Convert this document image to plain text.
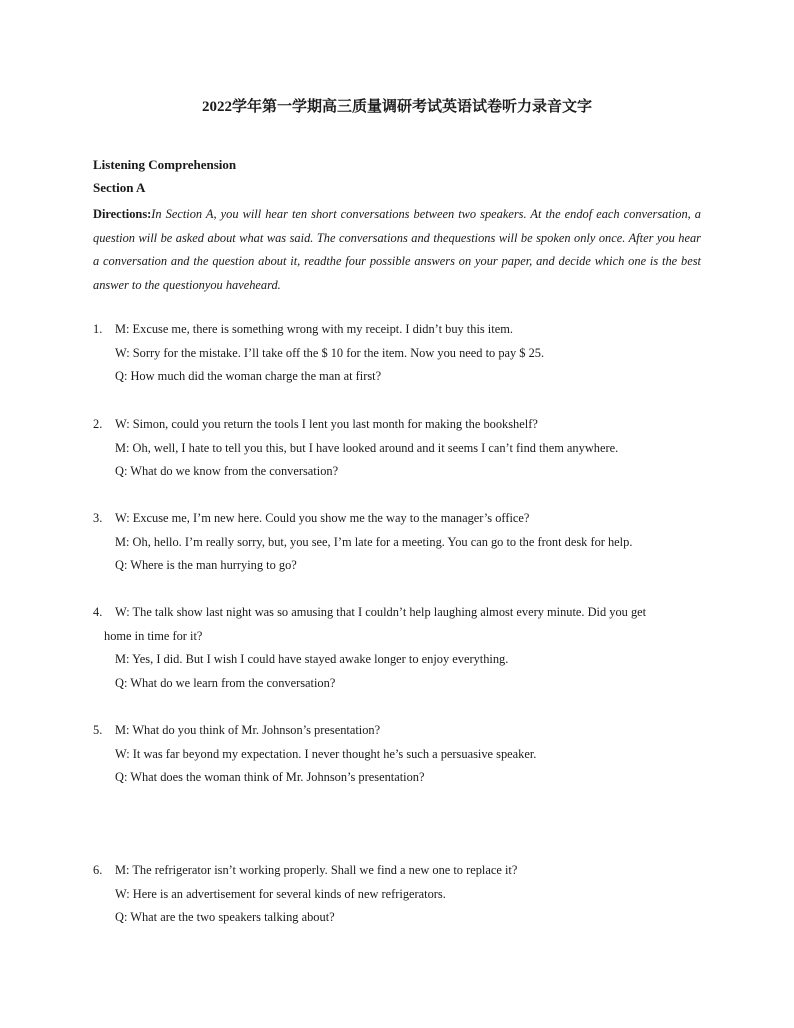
2022学年第一学期高三质量调研考试英语试卷听力录音文字
Listening Comprehension
Section A
Directions:In Section A, you will hear ten short conversations between two speakers. At the endof each conversation, a question will be asked about what was said. The conversations and thequestions will be spoken only once. After you hear a conversation and the question about it, readthe four possible answers on your paper, and decide which one is the best answer to the questionyou haveheard.
1. M: Excuse me, there is something wrong with my receipt. I didn’t buy this item.
W: Sorry for the mistake. I’ll take off the $ 10 for the item. Now you need to pay $ 25.
Q: How much did the woman charge the man at first?
2. W: Simon, could you return the tools I lent you last month for making the bookshelf?
M: Oh, well, I hate to tell you this, but I have looked around and it seems I can’t find them anywhere.
Q: What do we know from the conversation?
3. W: Excuse me, I’m new here. Could you show me the way to the manager’s office?
M: Oh, hello. I’m really sorry, but, you see, I’m late for a meeting. You can go to the front desk for help.
Q: Where is the man hurrying to go?
4. W: The talk show last night was so amusing that I couldn’t help laughing almost every minute. Did you get
home in time for it?
M: Yes, I did. But I wish I could have stayed awake longer to enjoy everything.
Q: What do we learn from the conversation?
5. M: What do you think of Mr. Johnson’s presentation?
W: It was far beyond my expectation. I never thought he’s such a persuasive speaker.
Q: What does the woman think of Mr. Johnson’s presentation?
6. M: The refrigerator isn’t working properly. Shall we find a new one to replace it?
W: Here is an advertisement for several kinds of new refrigerators.
Q: What are the two speakers talking about?
